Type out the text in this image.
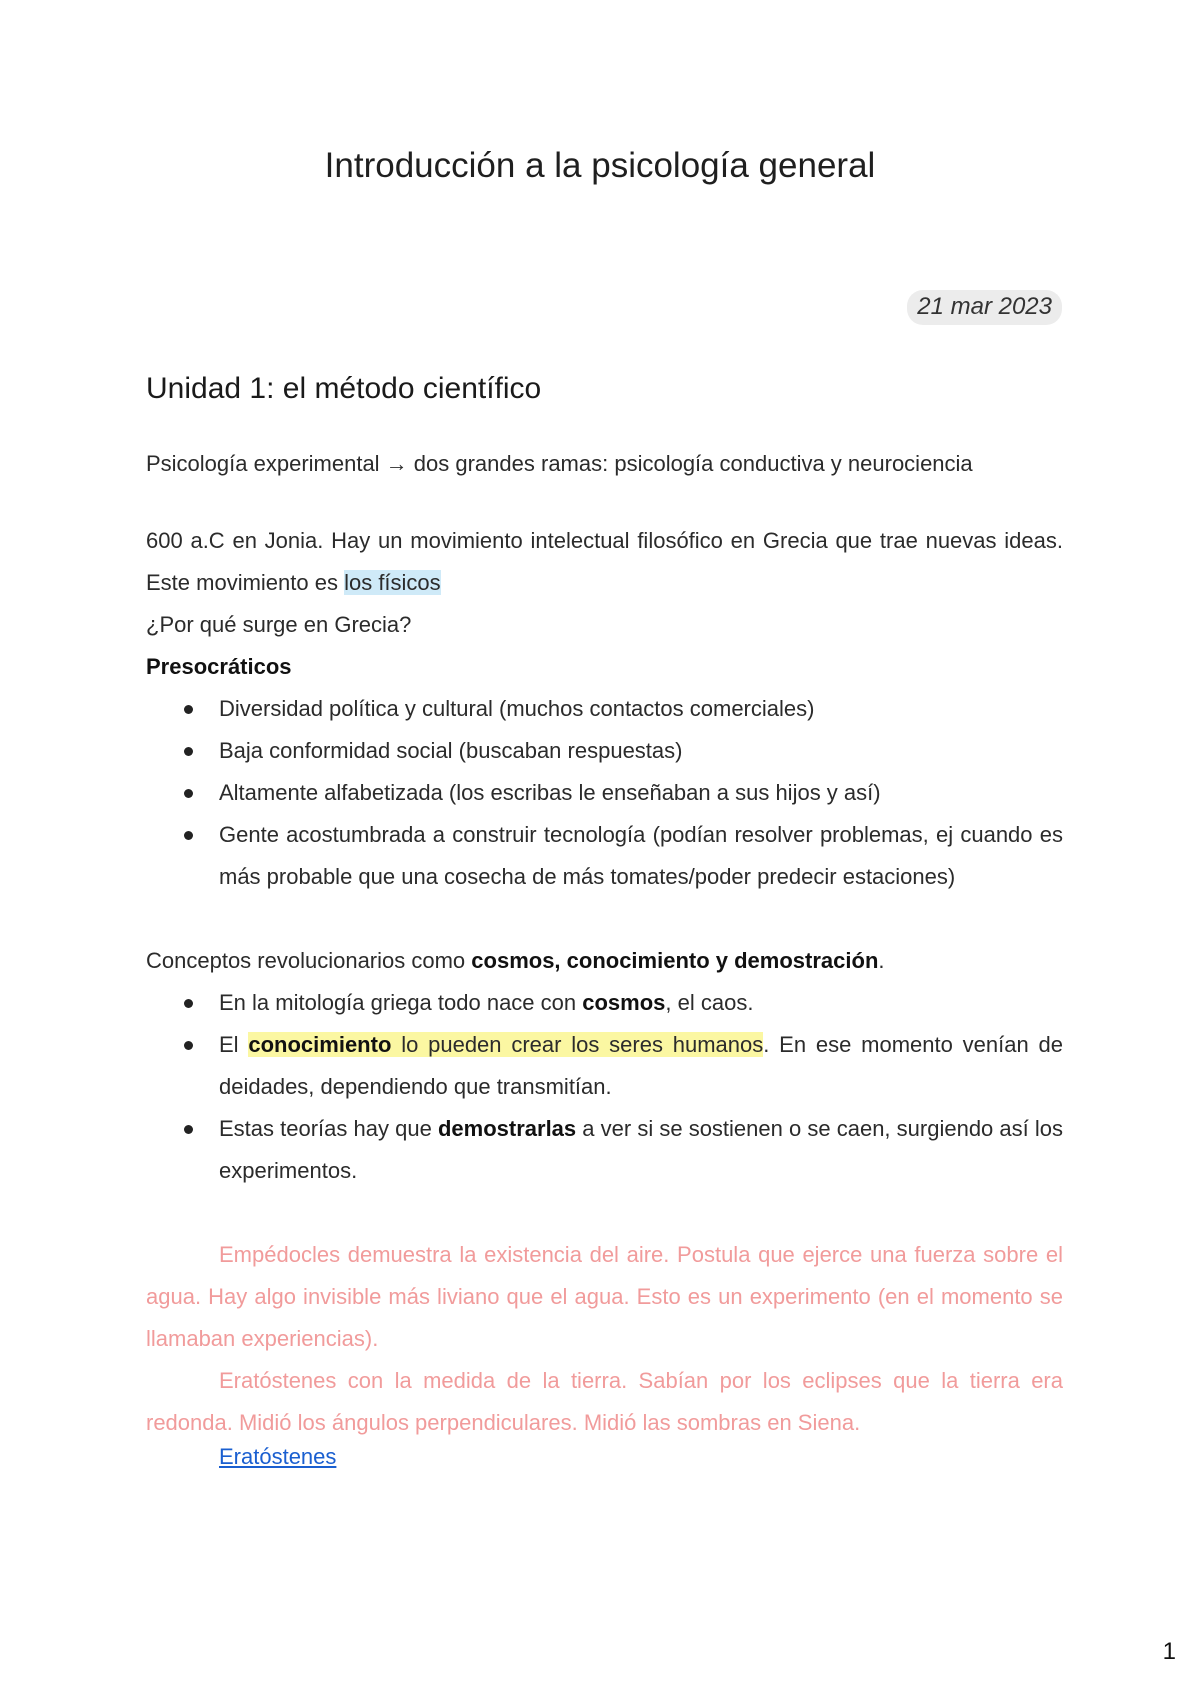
Introducción a la psicología general
21 mar 2023
Unidad 1: el método científico

Psicología experimental → dos grandes ramas: psicología conductiva y neurociencia

600 a.C en Jonia. Hay un movimiento intelectual filosófico en Grecia que trae nuevas ideas. Este movimiento es los físicos

¿Por qué surge en Grecia?

Presocráticos

Diversidad política y cultural (muchos contactos comerciales)
Baja conformidad social (buscaban respuestas)
Altamente alfabetizada (los escribas le enseñaban a sus hijos y así)
Gente acostumbrada a construir tecnología (podían resolver problemas, ej cuando es más probable que una cosecha de más tomates/poder predecir estaciones)

Conceptos revolucionarios como cosmos, conocimiento y demostración.

En la mitología griega todo nace con cosmos, el caos.
El conocimiento lo pueden crear los seres humanos. En ese momento venían de deidades, dependiendo que transmitían.
Estas teorías hay que demostrarlas a ver si se sostienen o se caen, surgiendo así los experimentos.

Empédocles demuestra la existencia del aire. Postula que ejerce una fuerza sobre el agua. Hay algo invisible más liviano que el agua. Esto es un experimento (en el momento se llamaban experiencias).

Eratóstenes con la medida de la tierra. Sabían por los eclipses que la tierra era redonda. Midió los ángulos perpendiculares. Midió las sombras en Siena.

Eratóstenes
1
